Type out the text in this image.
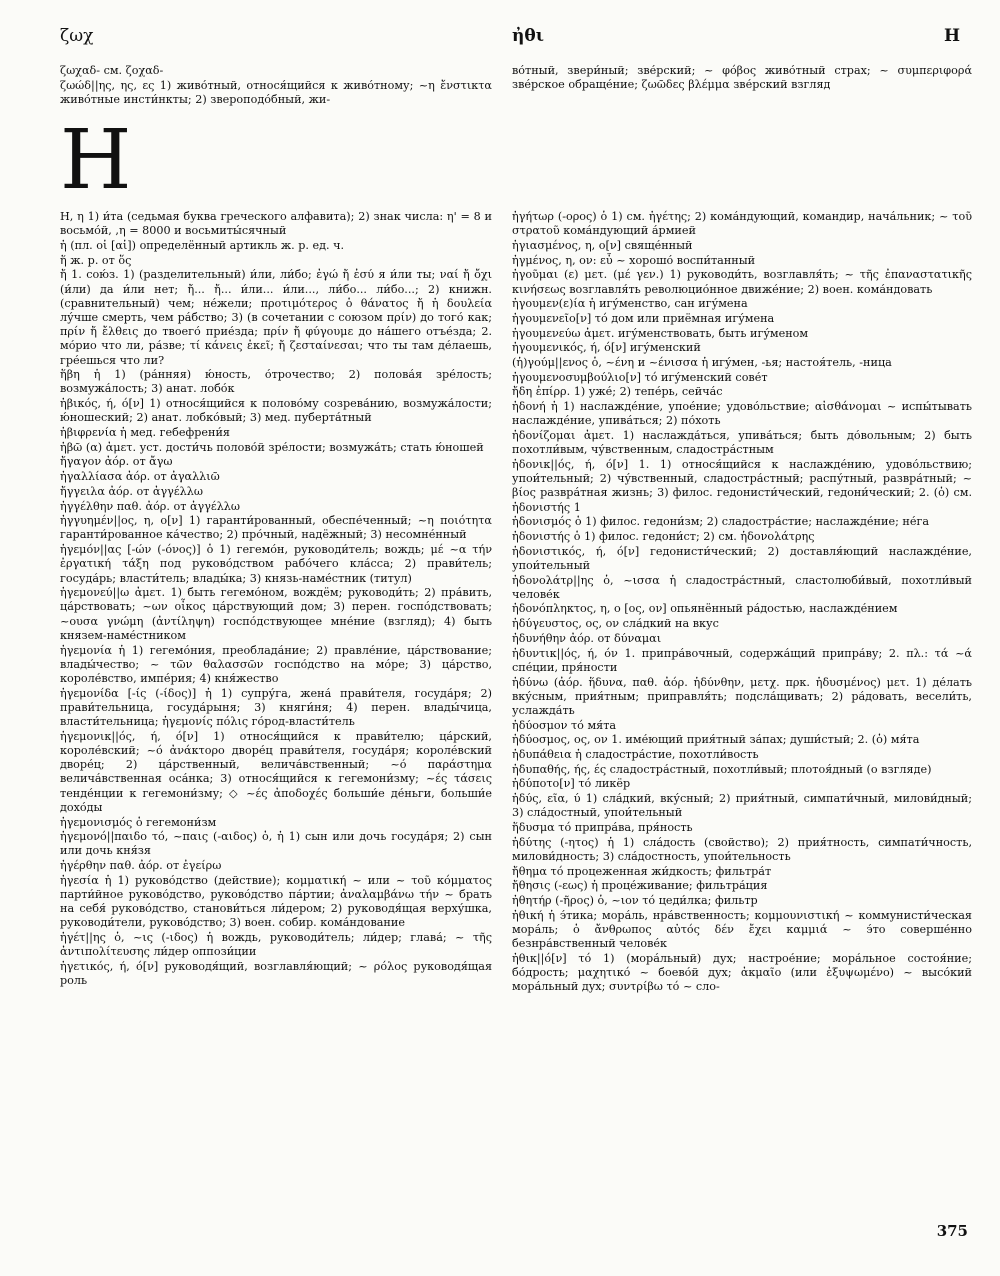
ζωχ	ἠθι	Η

ζωχαδ- см. ζοχαδ-

ζωώδ||ης, ης, ες 1) живо́тный, относя́щийся к живо́тному; ~η ἔνστικτα живо́тные инсти́нкты; 2) звероподо́бный, жи-

во́тный, звери́ный; зве́рский; ~ φόβος живо́тный страх; ~ συμπεριφορά зве́рское обраще́ние; ζωῶδες βλέμμα зве́рский взгляд

Η

Η, η 1) и́та (седьмая буква греческого алфавита); 2) знак числа: η' = 8 и восьмо́й, ,η = 8000 и восьмиты́сячный

ἡ (пл. οἱ [αἱ]) определённый артикль ж. р. ед. ч.

ἥ ж. р. от ὅς

ἤ 1. сою́з. 1) (разделительный) и́ли, ли́бо; ἐγώ ἤ ἐσύ я и́ли ты; ναί ἤ ὄχι (и́ли) да и́ли нет; ἤ... ἤ... и́ли... и́ли..., ли́бо... ли́бо...; 2) книжн. (сравнительный) чем; не́жели; προτιμότερος ὁ θάνατος ἤ ἡ δουλεία лу́чше смерть, чем ра́бство; 3) (в сочетании с союзом πρίν) до того́ как; πρίν ἤ ἔλθεις до твоего́ прие́зда; πρίν ἤ φύγουμε до на́шего отъе́зда; 2. мо́рио что ли, ра́зве; τί κάνεις ἐκεῖ; ἤ ζεσταίνεσαι; что ты там де́лаешь, гре́ешься что ли?

ἥβη ἡ 1) (ра́нняя) ю́ность, о́трочество; 2) полова́я зре́лость; возмужа́лость; 3) анат. лобо́к

ἡβικός, ή, ό[ν] 1) относя́щийся к полово́му созрева́нию, возмужа́лости; ю́ношеский; 2) анат. лобко́вый; 3) мед. пуберта́тный

ἡβιφρενία ἡ мед. гебефрени́я

ἡβῶ (α) ἀμετ. уст. дости́чь полово́й зре́лости; возмужа́ть; стать ю́ношей

ἤγαγον ἀόρ. от ἄγω

ἠγαλλίασα ἀόρ. от ἀγαλλιῶ

ἤγγειλα ἀόρ. от ἀγγέλλω

ἠγγέλθην παθ. ἀόρ. от ἀγγέλλω

ἠγγυημέν||ος, η, ο[ν] 1) гаранти́рованный, обеспе́ченный; ~η ποιότητα гаранти́рованное ка́чество; 2) про́чный, надёжный; 3) несомне́нный

ἡγεμόν||ας [-ών (-όνος)] ὁ 1) гегемо́н, руководи́тель; вождь; μέ ~α τήν ἐργατική τάξη под руково́дством рабо́чего кла́сса; 2) прави́тель; госуда́рь; власти́тель; влады́ка; 3) князь-наме́стник (титул)

ἡγεμονεύ||ω ἀμετ. 1) быть гегемо́ном, вождём; руководи́ть; 2) пра́вить, ца́рствовать; ~ων οἶκος ца́рствующий дом; 3) перен. госпо́дствовать; ~ουσα γνώμη (ἀντίληψη) госпо́дствующее мне́ние (взгляд); 4) быть князем-наме́стником

ἡγεμονία ἡ 1) гегемо́ния, преоблада́ние; 2) правле́ние, ца́рствование; влады́чество; ~ τῶν θαλασσῶν госпо́дство на мо́ре; 3) ца́рство, короле́вство, импе́рия; 4) кня́жество

ἡγεμονίδα [-ίς (-ίδος)] ἡ 1) супру́га, жена́ прави́теля, госуда́ря; 2) прави́тельница, госуда́рыня; 3) княги́ня; 4) перен. влады́чица, власти́тельница; ἡγεμονίς πόλις го́род-власти́тель

ἡγεμονικ||ός, ή, ό[ν] 1) относя́щийся к прави́телю; ца́рский, короле́вский; ~ό ἀνάκτορο дворе́ц прави́теля, госуда́ря; короле́вский дворе́ц; 2) ца́рственный, велича́вственный; ~ό παράστημα велича́вственная оса́нка; 3) относя́щийся к гегемони́зму; ~ές τάσεις тенде́нции к гегемони́зму; ◇ ~ές ἀποδοχές больши́е де́ньги, больши́е дохо́ды

ἡγεμονισμός ὁ гегемони́зм

ἡγεμονό||παιδο τό, ~παις (-αιδος) ὁ, ἡ 1) сын или дочь госуда́ря; 2) сын или дочь кня́зя

ἠγέρθην παθ. ἀόρ. от ἐγείρω

ἡγεσία ἡ 1) руково́дство (действие); κομματική ~ или ~ τοῦ κόμματος парти́йное руково́дство, руково́дство па́ртии; ἀναλαμβάνω τήν ~ брать на себя́ руково́дство, станови́ться ли́дером; 2) руководя́щая верху́шка, руководи́тели, руково́дство; 3) воен. собир. кома́ндование

ἡγέτ||ης ὁ, ~ις (-ιδος) ἡ вождь, руководи́тель; ли́дер; глава́; ~ τῆς ἀντιπολίτευσης ли́дер оппози́ции

ἡγετικός, ή, ό[ν] руководя́щий, возглавля́ющий; ~ ρόλος руководя́щая роль

ἡγήτωρ (-ορος) ὁ 1) см. ἡγέτης; 2) кома́ндующий, командир, нача́льник; ~ τοῦ στρατοῦ кома́ндующий а́рмией

ἡγιασμένος, η, ο[ν] свяще́нный

ἠγμένος, η, ον: εὖ ~ хорошо́ воспи́танный

ἡγοῦμαι (ε) μετ. (μέ γεν.) 1) руководи́ть, возглавля́ть; ~ τῆς ἐπαναστατικῆς κινήσεως возглавля́ть революцио́нное движе́ние; 2) воен. кома́ндовать

ἡγουμεν(ε)ία ἡ игу́менство, сан игу́мена

ἡγουμενεῖο[ν] τό дом или приёмная игу́мена

ἡγουμενεύω ἀμετ. игу́менствовать, быть игу́меном

ἡγουμενικός, ή, ό[ν] игу́менский

(ἡ)γούμ||ενος ὁ, ~ένη и ~ένισσα ἡ игу́мен, -ья; настоя́тель, -ница

ἡγουμενοσυμβούλιο[ν] τό игу́менский сове́т

ἤδη ἐπίρρ. 1) уже́; 2) тепе́рь, сейча́с

ἡδονή ἡ 1) наслажде́ние, упое́ние; удово́льствие; αἰσθάνομαι ~ испы́тывать наслажде́ние, упива́ться; 2) по́хоть

ἡδονίζομαι ἀμετ. 1) наслажда́ться, упива́ться; быть до́вольным; 2) быть похотли́вым, чу́вственным, сладостра́стным

ἡδονικ||ός, ή, ό[ν] 1. 1) относя́щийся к наслажде́нию, удово́льствию; упои́тельный; 2) чу́вственный, сладостра́стный; распу́тный, развра́тный; ~ βίος развра́тная жизнь; 3) филос. гедонисти́ческий, гедони́ческий; 2. (ὁ) см. ἡδονιστής 1

ἡδονισμός ὁ 1) филос. гедони́зм; 2) сладостра́стие; наслажде́ние; не́га

ἡδονιστής ὁ 1) филос. гедони́ст; 2) см. ἡδονολάτρης

ἡδονιστικός, ή, ό[ν] гедонисти́ческий; 2) доставля́ющий наслажде́ние, упои́тельный

ἡδονολάτρ||ης ὁ, ~ισσα ἡ сладостра́стный, сластолюби́вый, похотли́вый челове́к

ἡδονόπληκτος, η, ο [ος, ον] опьянённый ра́достью, наслажде́нием

ἡδύγευστος, ος, ον сла́дкий на вкус

ἠδυνήθην ἀόρ. от δύναμαι

ἡδυντικ||ός, ή, όν 1. припра́вочный, содержа́щий припра́ву; 2. πλ.: τά ~ά спе́ции, пря́ности

ἡδύνω (ἀόρ. ἥδυνα, παθ. ἀόρ. ἡδύνθην, μετχ. πρκ. ἡδυσμένος) μετ. 1) де́лать вку́сным, прия́тным; приправля́ть; подсла́щивать; 2) ра́довать, весели́ть, услажда́ть

ἡδύοσμον τό мя́та

ἡδύοσμος, ος, ον 1. име́ющий прия́тный за́пах; души́стый; 2. (ὁ) мя́та

ἡδυπάθεια ἡ сладостра́стие, похотли́вость

ἡδυπαθής, ής, ές сладостра́стный, похотли́вый; плотоя́дный (о взгляде)

ἡδύποτο[ν] τό ликёр

ἡδύς, εῖα, ύ 1) сла́дкий, вку́сный; 2) прия́тный, симпати́чный, милови́дный; 3) сла́достный, упои́тельный

ἥδυσμα τό припра́ва, пря́ность

ἡδύτης (-ητος) ἡ 1) сла́дость (свойство); 2) прия́тность, симпати́чность, милови́дность; 3) сла́достность, упои́тельность

ἤθημα τό процеженная жи́дкость; фильтра́т

ἤθησις (-εως) ἡ проце́живание; фильтра́ция

ἠθητήρ (-ῆρος) ὁ, ~ιον τό цеди́лка; фильтр

ἠθική ἡ э́тика; мора́ль, нра́вственность; κομμουνιστική ~ коммунисти́ческая мора́ль; ὁ ἄνθρωπος αὐτός δέν ἔχει καμμιά ~ э́то соверше́нно безнра́вственный челове́к

ἠθικ||ό[ν] τό 1) (мора́льный) дух; настрое́ние; мора́льное состоя́ние; бо́дрость; μαχητικό ~ боево́й дух; ἀκμαῖο (или ἐξυψωμένο) ~ высо́кий мора́льный дух; συντρίβω τό ~ сло-

375
